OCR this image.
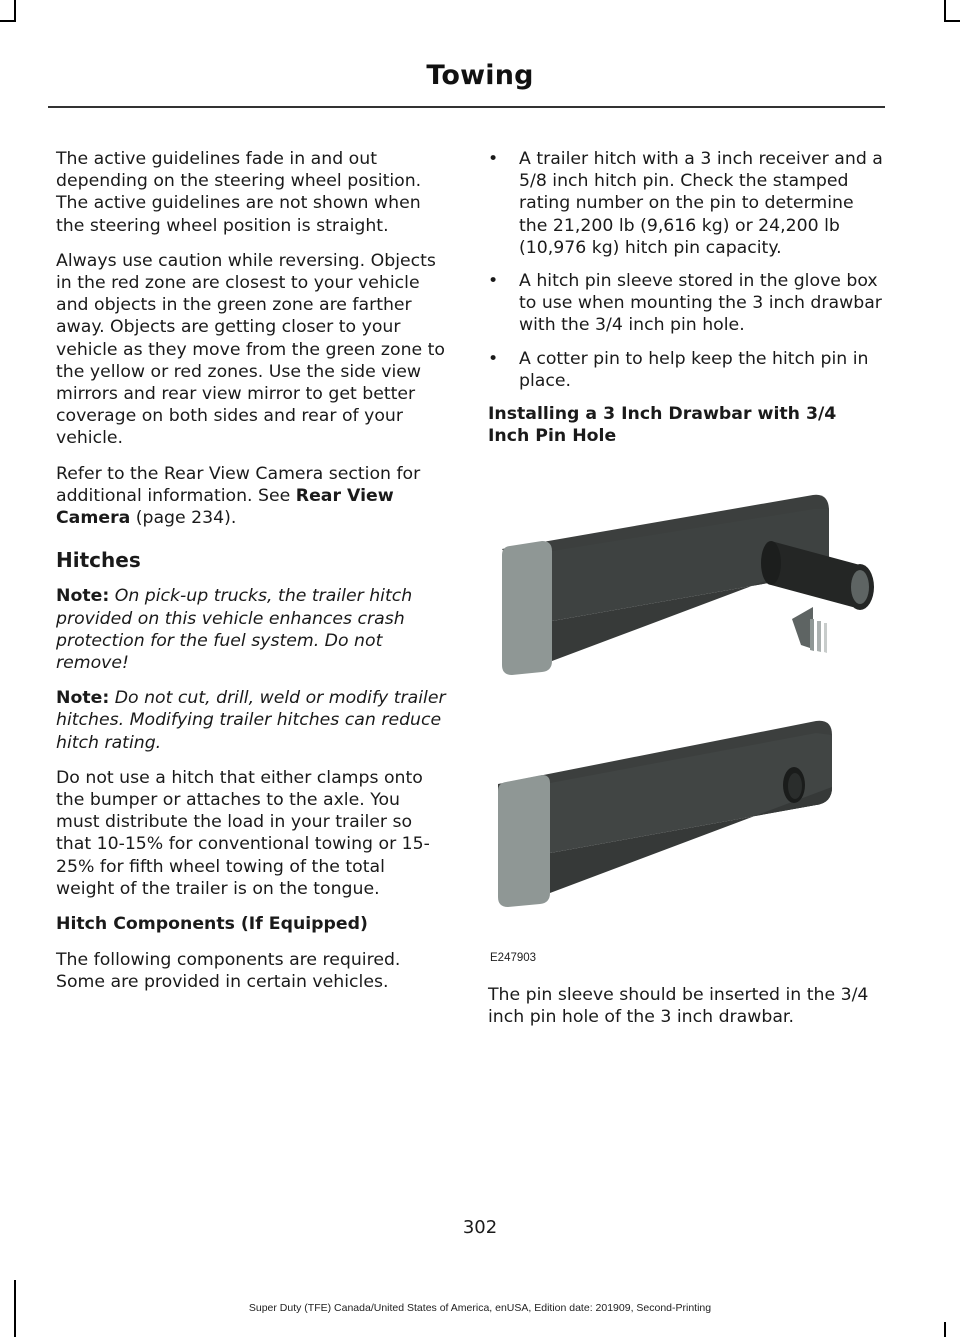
Towing

The active guidelines fade in and out depending on the steering wheel position. The active guidelines are not shown when the steering wheel position is straight.

Always use caution while reversing. Objects in the red zone are closest to your vehicle and objects in the green zone are farther away. Objects are getting closer to your vehicle as they move from the green zone to the yellow or red zones. Use the side view mirrors and rear view mirror to get better coverage on both sides and rear of your vehicle.

Refer to the Rear View Camera section for additional information. See Rear View Camera (page 234).

Hitches

Note: On pick-up trucks, the trailer hitch provided on this vehicle enhances crash protection for the fuel system. Do not remove!

Note: Do not cut, drill, weld or modify trailer hitches. Modifying trailer hitches can reduce hitch rating.

Do not use a hitch that either clamps onto the bumper or attaches to the axle. You must distribute the load in your trailer so that 10-15% for conventional towing or 15-25% for fifth wheel towing of the total weight of the trailer is on the tongue.

Hitch Components (If Equipped)

The following components are required. Some are provided in certain vehicles.

• A trailer hitch with a 3 inch receiver and a 5/8 inch hitch pin. Check the stamped rating number on the pin to determine the 21,200 lb (9,616 kg) or 24,200 lb (10,976 kg) hitch pin capacity.
• A hitch pin sleeve stored in the glove box to use when mounting the 3 inch drawbar with the 3/4 inch pin hole.
• A cotter pin to help keep the hitch pin in place.
Installing a 3 Inch Drawbar with 3/4 Inch Pin Hole
E247903

The pin sleeve should be inserted in the 3/4 inch pin hole of the 3 inch drawbar.

302
Super Duty (TFE) Canada/United States of America, enUSA, Edition date: 201909, Second-Printing
